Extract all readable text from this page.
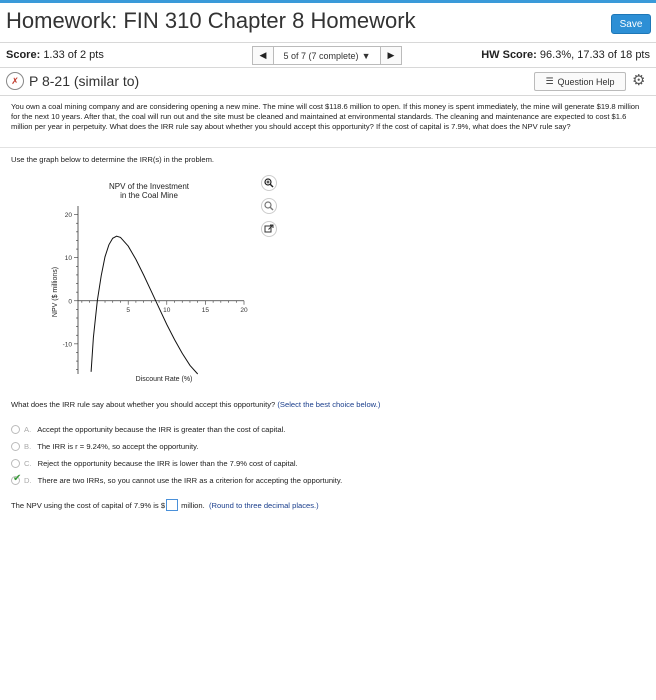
Homework: FIN 310 Chapter 8 Homework	Save
Score: 1.33 of 2 pts	◀ 5 of 7 (7 complete) ▼ ▶	HW Score: 96.3%, 17.33 of 18 pts
✗ P 8-21 (similar to)	☰ Question Help ⚙
You own a coal mining company and are considering opening a new mine. The mine will cost $118.6 million to open. If this money is spent immediately, the mine will generate $19.8 million for the next 10 years. After that, the coal will run out and the site must be cleaned and maintained at environmental standards. The cleaning and maintenance are expected to cost $1.6 million per year in perpetuity. What does the IRR rule say about whether you should accept this opportunity? If the cost of capital is 7.9%, what does the NPV rule say?
Use the graph below to determine the IRR(s) in the problem.
NPV of the Investment
in the Coal Mine
-10
0
10
20
5	10	15	20
Discount Rate (%)
NPV ($ millions)
What does the IRR rule say about whether you should accept this opportunity? (Select the best choice below.)
A. Accept the opportunity because the IRR is greater than the cost of capital.
B. The IRR is r = 9.24%, so accept the opportunity.
C. Reject the opportunity because the IRR is lower than the 7.9% cost of capital.
✔ D. There are two IRRs, so you cannot use the IRR as a criterion for accepting the opportunity.
The NPV using the cost of capital of 7.9% is $ million.
(Round to three decimal places.)
